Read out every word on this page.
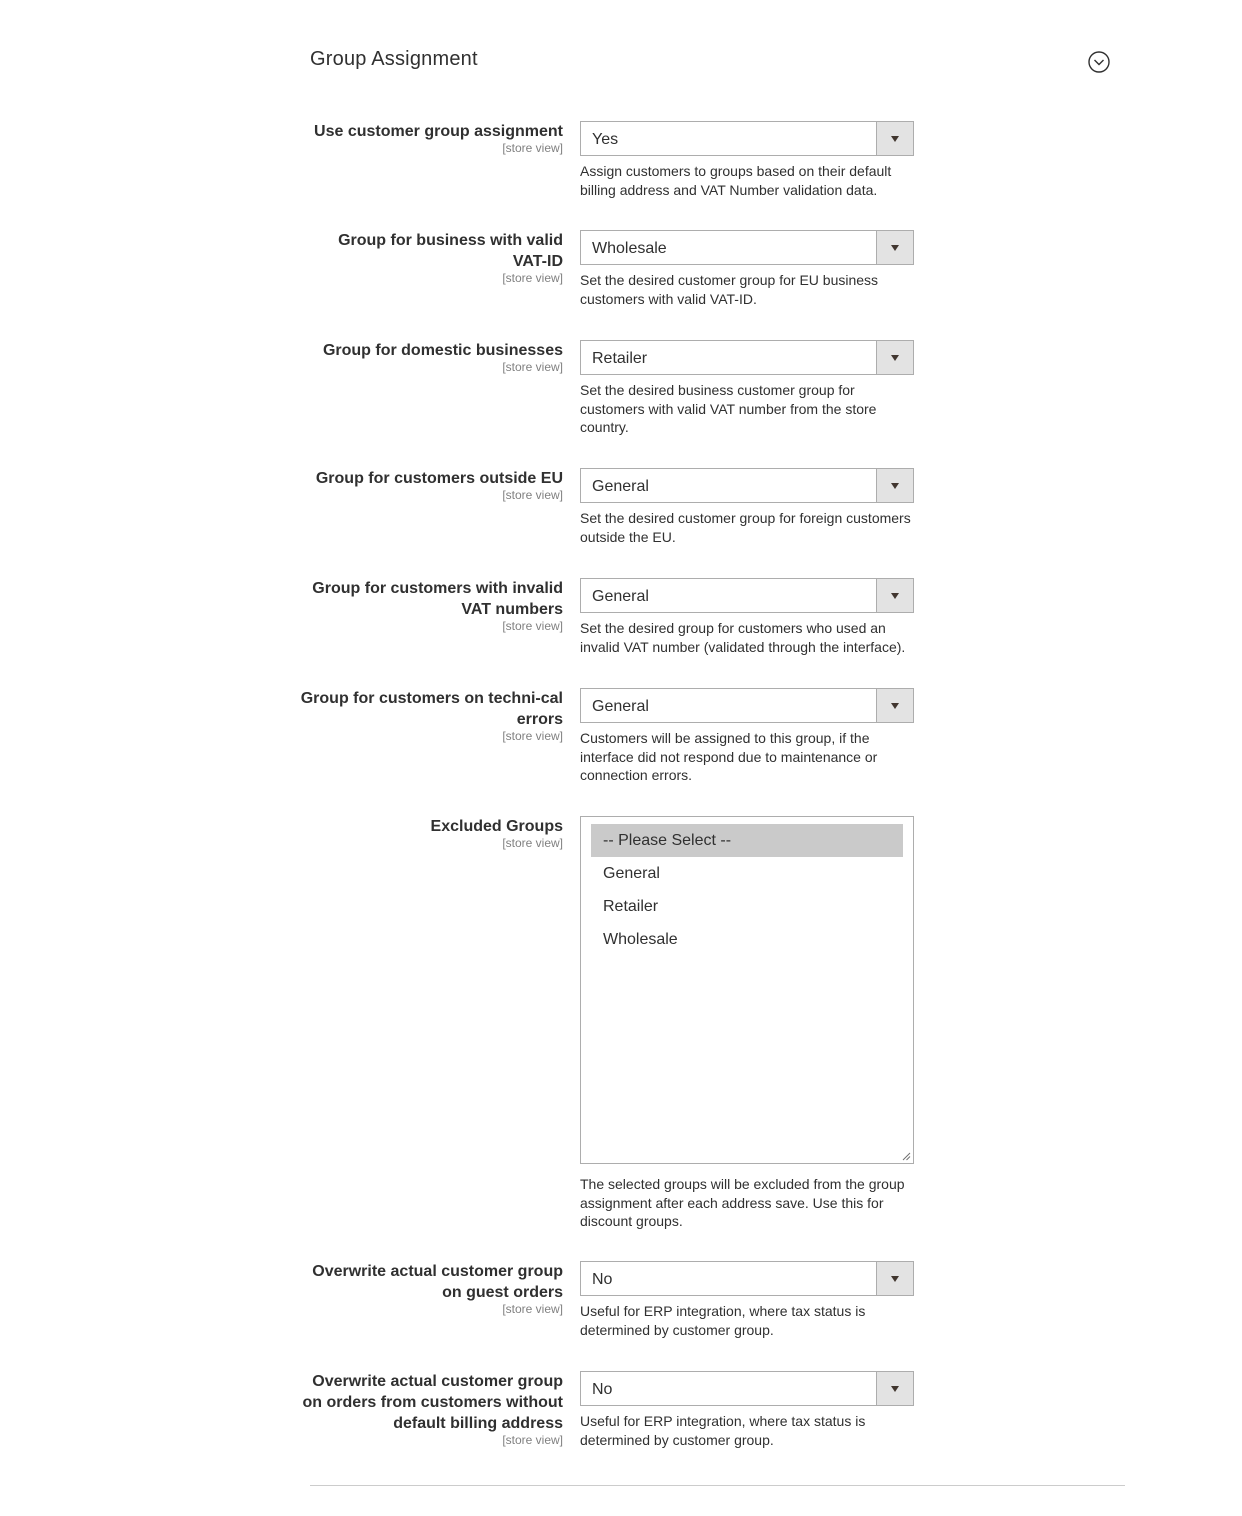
Group Assignment
Use customer group assignment
[store view] Yes
Assign customers to groups based on their default billing address and VAT Number validation data.
Group for business with valid VAT-ID
[store view]
Wholesale
Set the desired customer group for EU business customers with valid VAT-ID.
Group for domestic businesses
[store view] Retailer
Set the desired business customer group for customers with valid VAT number from the store country.
Group for customers outside EU
[store view] General
Set the desired customer group for foreign customers outside the EU.
Group for customers with invalid VAT numbers
[store view]
General
Set the desired group for customers who used an invalid VAT number (validated through the interface).
Group for customers on techni-cal errors
[store view]
General
Customers will be assigned to this group, if the interface did not respond due to maintenance or connection errors.
Excluded Groups
[store view]	-- Please Select --
General
Retailer
Wholesale
The selected groups will be excluded from the group assignment after each address save. Use this for discount groups.
Overwrite actual customer group on guest orders
[store view]
No
Useful for ERP integration, where tax status is determined by customer group.
Overwrite actual customer group on orders from customers without default billing address
[store view]
No
Useful for ERP integration, where tax status is determined by customer group.
